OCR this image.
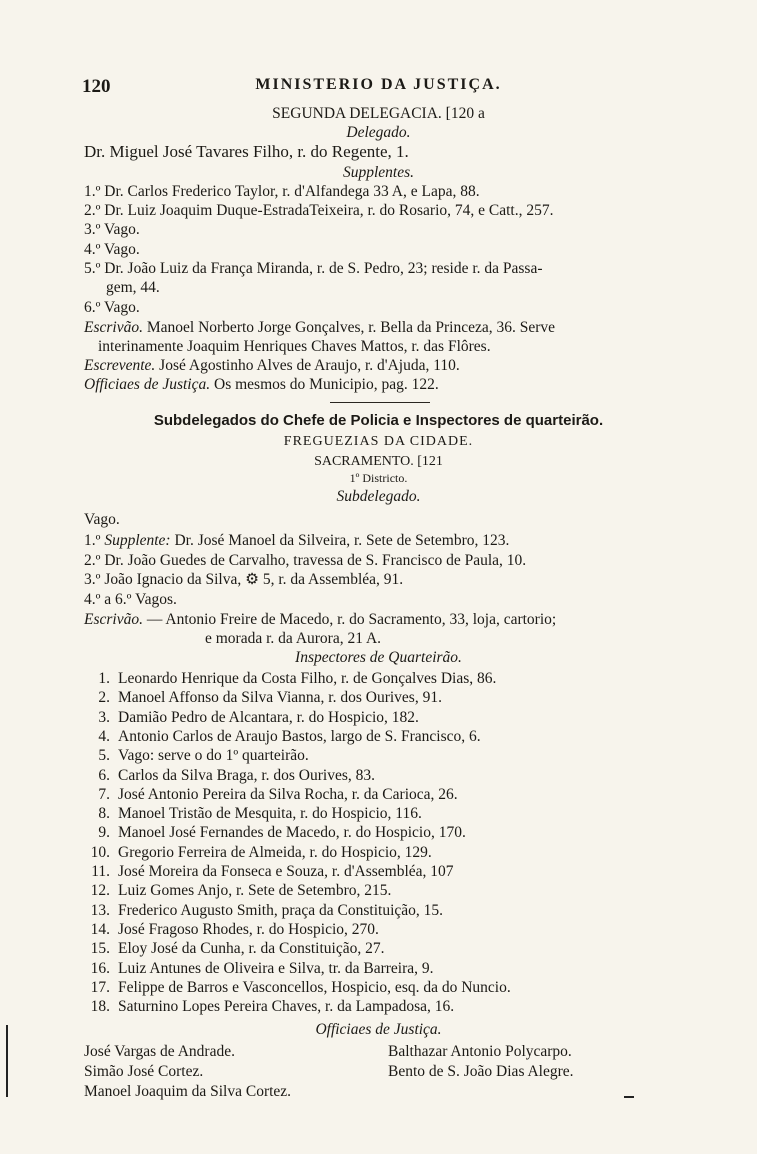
120	MINISTERIO DA JUSTIÇA.
SEGUNDA DELEGACIA. [120 a
Delegado.
Dr. Miguel José Tavares Filho, r. do Regente, 1.
Supplentes.
1.º Dr. Carlos Frederico Taylor, r. d'Alfandega 33 A, e Lapa, 88.
2.º Dr. Luiz Joaquim Duque-EstradaTeixeira, r. do Rosario, 74, e Catt., 257.
3.º Vago.
4.º Vago.
5.º Dr. João Luiz da França Miranda, r. de S. Pedro, 23; reside r. da Passa-
gem, 44.
6.º Vago.
Escrivão. Manoel Norberto Jorge Gonçalves, r. Bella da Princeza, 36. Serve
interinamente Joaquim Henriques Chaves Mattos, r. das Flôres.
Escrevente. José Agostinho Alves de Araujo, r. d'Ajuda, 110.
Officiaes de Justiça. Os mesmos do Municipio, pag. 122.
Subdelegados do Chefe de Policia e Inspectores de quarteirão.
FREGUEZIAS DA CIDADE.
SACRAMENTO. [121
1º Districto.
Subdelegado.
Vago.
1.º Supplente: Dr. José Manoel da Silveira, r. Sete de Setembro, 123.
2.º Dr. João Guedes de Carvalho, travessa de S. Francisco de Paula, 10.
3.º João Ignacio da Silva, ⚙ 5, r. da Assembléa, 91.
4.º a 6.º Vagos.
Escrivão. — Antonio Freire de Macedo, r. do Sacramento, 33, loja, cartorio;
e morada r. da Aurora, 21 A.
Inspectores de Quarteirão.
1. Leonardo Henrique da Costa Filho, r. de Gonçalves Dias, 86.
2. Manoel Affonso da Silva Vianna, r. dos Ourives, 91.
3. Damião Pedro de Alcantara, r. do Hospicio, 182.
4. Antonio Carlos de Araujo Bastos, largo de S. Francisco, 6.
5. Vago: serve o do 1º quarteirão.
6. Carlos da Silva Braga, r. dos Ourives, 83.
7. José Antonio Pereira da Silva Rocha, r. da Carioca, 26.
8. Manoel Tristão de Mesquita, r. do Hospicio, 116.
9. Manoel José Fernandes de Macedo, r. do Hospicio, 170.
10. Gregorio Ferreira de Almeida, r. do Hospicio, 129.
11. José Moreira da Fonseca e Souza, r. d'Assembléa, 107
12. Luiz Gomes Anjo, r. Sete de Setembro, 215.
13. Frederico Augusto Smith, praça da Constituição, 15.
14. José Fragoso Rhodes, r. do Hospicio, 270.
15. Eloy José da Cunha, r. da Constituição, 27.
16. Luiz Antunes de Oliveira e Silva, tr. da Barreira, 9.
17. Felippe de Barros e Vasconcellos, Hospicio, esq. da do Nuncio.
18. Saturnino Lopes Pereira Chaves, r. da Lampadosa, 16.
Officiaes de Justiça.
José Vargas de Andrade.
Simão José Cortez.
Manoel Joaquim da Silva Cortez.
Balthazar Antonio Polycarpo.
Bento de S. João Dias Alegre.
